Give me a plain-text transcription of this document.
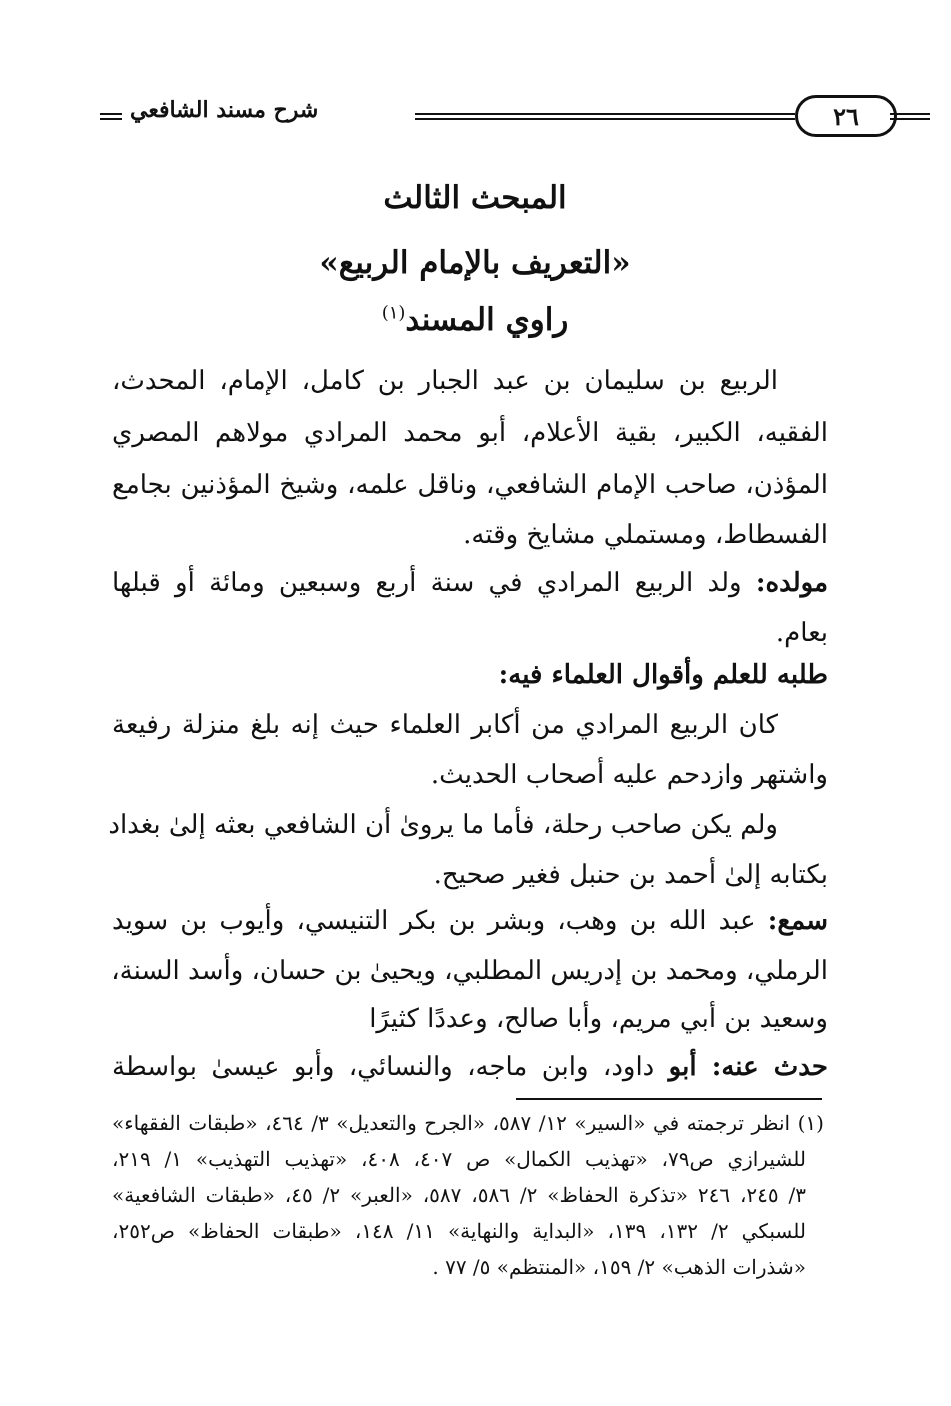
شرح مسند الشافعي	٢٦
المبحث الثالث
«التعريف بالإمام الربيع»
راوي المسند$^{(١)}$
الربيع بن سليمان بن عبد الجبار بن كامل، الإمام، المحدث،
الفقيه، الكبير، بقية الأعلام، أبو محمد المرادي مولاهم المصري
المؤذن، صاحب الإمام الشافعي، وناقل علمه، وشيخ المؤذنين بجامع
الفسطاط، ومستملي مشايخ وقته.
مولده: ولد الربيع المرادي في سنة أربع وسبعين ومائة أو قبلها
بعام.
طلبه للعلم وأقوال العلماء فيه:
كان الربيع المرادي من أكابر العلماء حيث إنه بلغ منزلة رفيعة
واشتهر وازدحم عليه أصحاب الحديث.
ولم يكن صاحب رحلة، فأما ما يروىٰ أن الشافعي بعثه إلىٰ بغداد
بكتابه إلىٰ أحمد بن حنبل فغير صحيح.
سمع: عبد الله بن وهب، وبشر بن بكر التنيسي، وأيوب بن سويد
الرملي، ومحمد بن إدريس المطلبي، ويحيىٰ بن حسان، وأسد السنة،
وسعيد بن أبي مريم، وأبا صالح، وعددًا كثيرًا
حدث عنه: أبو داود، وابن ماجه، والنسائي، وأبو عيسىٰ بواسطة
(١) انظر ترجمته في «السير» ١٢/ ٥٨٧، «الجرح والتعديل» ٣/ ٤٦٤، «طبقات الفقهاء»
للشيرازي ص٧٩، «تهذيب الكمال» ص ٤٠٧، ٤٠٨، «تهذيب التهذيب» ١/ ٢١٩،
٣/ ٢٤٥، ٢٤٦ «تذكرة الحفاظ» ٢/ ٥٨٦، ٥٨٧، «العبر» ٢/ ٤٥، «طبقات الشافعية»
للسبكي ٢/ ١٣٢، ١٣٩، «البداية والنهاية» ١١/ ١٤٨، «طبقات الحفاظ» ص٢٥٢،
«شذرات الذهب» ٢/ ١٥٩، «المنتظم» ٥/ ٧٧ .
